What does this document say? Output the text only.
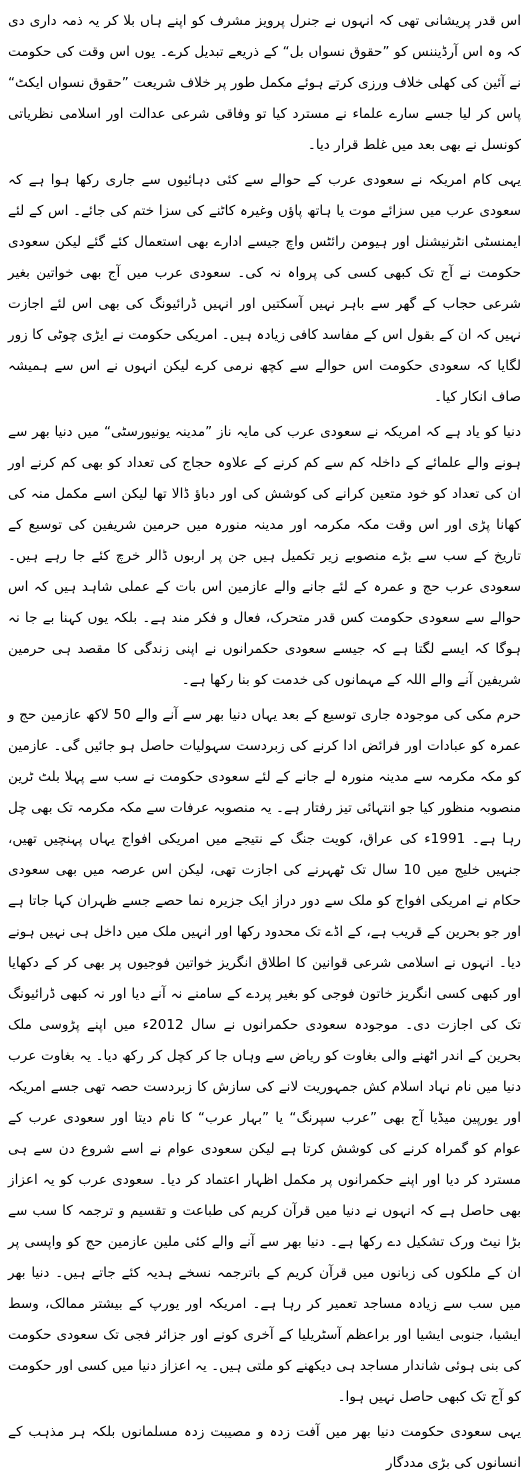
اس قدر پریشانی تھی کہ انہوں نے جنرل پرویز مشرف کو اپنے ہاں بلا کر یہ ذمہ داری دی کہ وہ اس آرڈیننس کو ”حقوق نسواں بل“ کے ذریعے تبدیل کرے۔ یوں اس وقت کی حکومت نے آئین کی کھلی خلاف ورزی کرتے ہوئے مکمل طور پر خلاف شریعت ”حقوق نسواں ایکٹ“ پاس کر لیا جسے سارے علماء نے مسترد کیا تو وفاقی شرعی عدالت اور اسلامی نظریاتی کونسل نے بھی بعد میں غلط قرار دیا۔

یہی کام امریکہ نے سعودی عرب کے حوالے سے کئی دہائیوں سے جاری رکھا ہوا ہے کہ سعودی عرب میں سزائے موت یا ہاتھ پاؤں وغیرہ کاٹنے کی سزا ختم کی جائے۔ اس کے لئے ایمنسٹی انٹرنیشنل اور ہیومن رائٹس واچ جیسے ادارے بھی استعمال کئے گئے لیکن سعودی حکومت نے آج تک کبھی کسی کی پرواہ نہ کی۔ سعودی عرب میں آج بھی خواتین بغیر شرعی حجاب کے گھر سے باہر نہیں آسکتیں اور انہیں ڈرائیونگ کی بھی اس لئے اجازت نہیں کہ ان کے بقول اس کے مفاسد کافی زیادہ ہیں۔ امریکی حکومت نے ایڑی چوٹی کا زور لگایا کہ سعودی حکومت اس حوالے سے کچھ نرمی کرے لیکن انہوں نے اس سے ہمیشہ صاف انکار کیا۔

دنیا کو یاد ہے کہ امریکہ نے سعودی عرب کی مایہ ناز ”مدینہ یونیورسٹی“ میں دنیا بھر سے ہونے والے علمائے کے داخلہ کم سے کم کرنے کے علاوہ حجاج کی تعداد کو بھی کم کرنے اور ان کی تعداد کو خود متعین کرانے کی کوشش کی اور دباؤ ڈالا تھا لیکن اسے مکمل منہ کی کھانا پڑی اور اس وقت مکہ مکرمہ اور مدینہ منورہ میں حرمین شریفین کی توسیع کے تاریخ کے سب سے بڑے منصوبے زیر تکمیل ہیں جن پر اربوں ڈالر خرچ کئے جا رہے ہیں۔ سعودی عرب حج و عمرہ کے لئے جانے والے عازمین اس بات کے عملی شاہد ہیں کہ اس حوالے سے سعودی حکومت کس قدر متحرک، فعال و فکر مند ہے۔ بلکہ یوں کہنا بے جا نہ ہوگا کہ ایسے لگتا ہے کہ جیسے سعودی حکمرانوں نے اپنی زندگی کا مقصد ہی حرمین شریفین آنے والے اللہ کے مہمانوں کی خدمت کو بنا رکھا ہے۔

حرم مکی کی موجودہ جاری توسیع کے بعد یہاں دنیا بھر سے آنے والے 50 لاکھ عازمین حج و عمرہ کو عبادات اور فرائض ادا کرنے کی زبردست سہولیات حاصل ہو جائیں گی۔ عازمین کو مکہ مکرمہ سے مدینہ منورہ لے جانے کے لئے سعودی حکومت نے سب سے پہلا بلٹ ٹرین منصوبہ منظور کیا جو انتہائی تیز رفتار ہے۔ یہ منصوبہ عرفات سے مکہ مکرمہ تک بھی چل رہا ہے۔ 1991ء کی عراق، کویت جنگ کے نتیجے میں امریکی افواج یہاں پہنچیں تھیں، جنہیں خلیج میں 10 سال تک ٹھہرنے کی اجازت تھی، لیکن اس عرصہ میں بھی سعودی حکام نے امریکی افواج کو ملک سے دور دراز ایک جزیرہ نما حصے جسے ظہران کہا جاتا ہے اور جو بحرین کے قریب ہے، کے اڈے تک محدود رکھا اور انہیں ملک میں داخل ہی نہیں ہونے دیا۔ انہوں نے اسلامی شرعی قوانین کا اطلاق انگریز خواتین فوجیوں پر بھی کر کے دکھایا اور کبھی کسی انگریز خاتون فوجی کو بغیر پردے کے سامنے نہ آنے دیا اور نہ کبھی ڈرائیونگ تک کی اجازت دی۔ موجودہ سعودی حکمرانوں نے سال 2012ء میں اپنے پڑوسی ملک بحرین کے اندر اٹھنے والی بغاوت کو ریاض سے وہاں جا کر کچل کر رکھ دیا۔ یہ بغاوت عرب دنیا میں نام نہاد اسلام کش جمہوریت لانے کی سازش کا زبردست حصہ تھی جسے امریکہ اور یورپین میڈیا آج بھی ”عرب سپرنگ“ یا ”بہار عرب“ کا نام دیتا اور سعودی عرب کے عوام کو گمراہ کرنے کی کوشش کرتا ہے لیکن سعودی عوام نے اسے شروع دن سے ہی مسترد کر دیا اور اپنے حکمرانوں پر مکمل اظہار اعتماد کر دیا۔ سعودی عرب کو یہ اعزاز بھی حاصل ہے کہ انہوں نے دنیا میں قرآن کریم کی طباعت و تقسیم و ترجمہ کا سب سے بڑا نیٹ ورک تشکیل دے رکھا ہے۔ دنیا بھر سے آنے والے کئی ملین عازمین حج کو واپسی پر ان کے ملکوں کی زبانوں میں قرآن کریم کے باترجمہ نسخے ہدیہ کئے جاتے ہیں۔ دنیا بھر میں سب سے زیادہ مساجد تعمیر کر رہا ہے۔ امریکہ اور یورپ کے بیشتر ممالک، وسط ایشیا، جنوبی ایشیا اور براعظم آسٹریلیا کے آخری کونے اور جزائر فجی تک سعودی حکومت کی بنی ہوئی شاندار مساجد ہی دیکھنے کو ملتی ہیں۔ یہ اعزاز دنیا میں کسی اور حکومت کو آج تک کبھی حاصل نہیں ہوا۔

یہی سعودی حکومت دنیا بھر میں آفت زدہ و مصیبت زدہ مسلمانوں بلکہ ہر مذہب کے انسانوں کی بڑی مددگار
